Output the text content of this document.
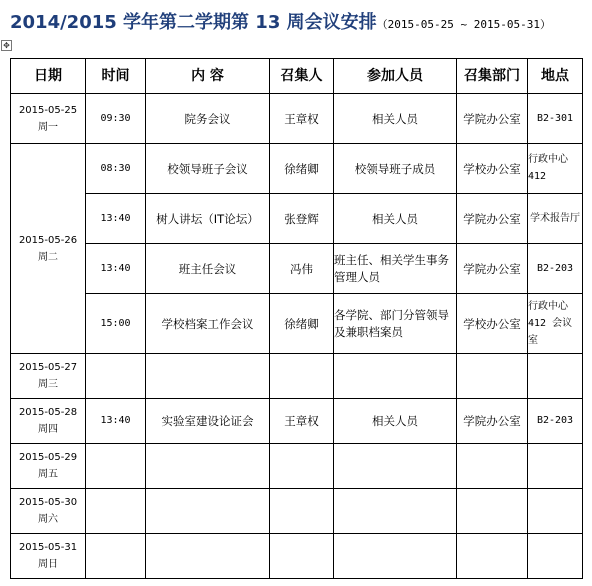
2014/2015 学年第二学期第 13 周会议安排（2015-05-25 ~ 2015-05-31）
✥
日期	时间	内 容	召集人	参加人员	召集部门	地点

2015-05-25
周一	09:30	院务会议	王章权	相关人员	学院办公室	B2-301

2015-05-26
周二	08:30	校领导班子会议	徐绪卿	校领导班子成员	学校办公室	行政中心 412
	13:40	树人讲坛（IT论坛）	张登辉	相关人员	学院办公室	学术报告厅
	13:40	班主任会议	冯伟	班主任、相关学生事务管理人员	学院办公室	B2-203
	15:00	学校档案工作会议	徐绪卿	各学院、部门分管领导及兼职档案员	学校办公室	行政中心 412 会议室

2015-05-27
周三						

2015-05-28
周四	13:40	实验室建设论证会	王章权	相关人员	学院办公室	B2-203

2015-05-29
周五						

2015-05-30
周六						

2015-05-31
周日						
